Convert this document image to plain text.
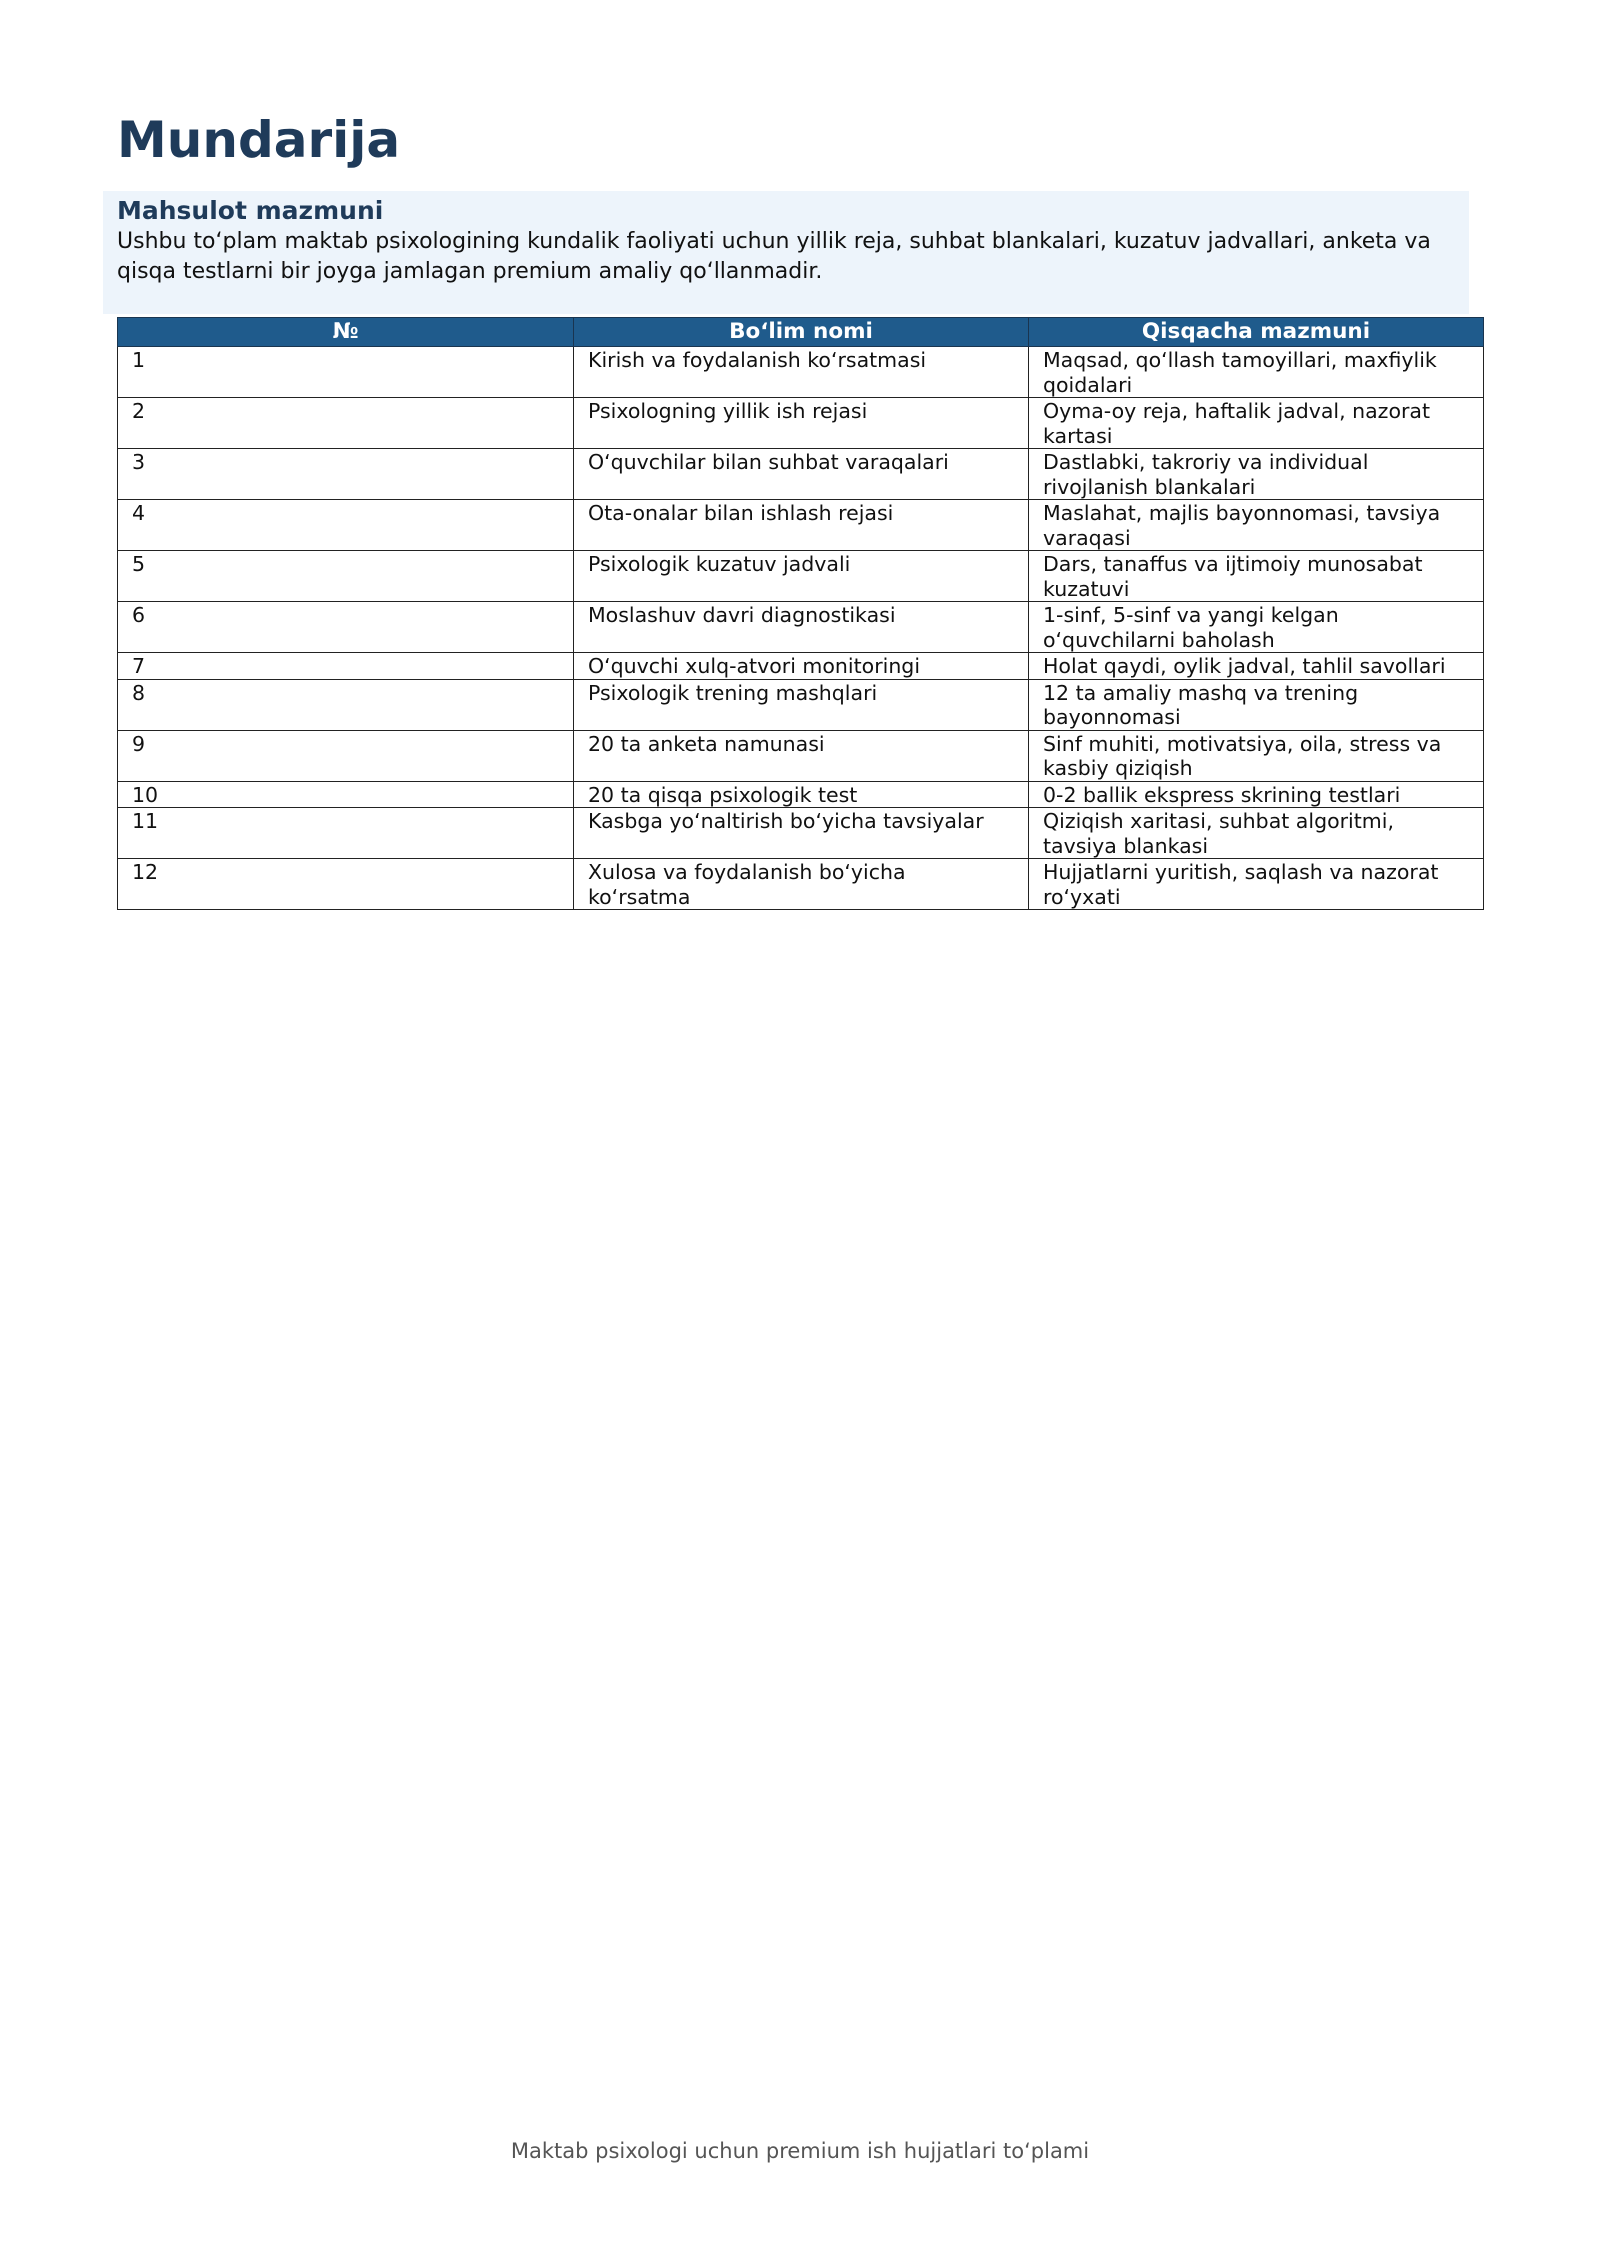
Mundarija
Mahsulot mazmuni

Ushbu to‘plam maktab psixologining kundalik faoliyati uchun yillik reja, suhbat blankalari, kuzatuv jadvallari, anketa va qisqa testlarni bir joyga jamlagan premium amaliy qo‘llanmadir.

№	Bo‘lim nomi	Qisqacha mazmuni
1	Kirish va foydalanish ko‘rsatmasi	Maqsad, qo‘llash tamoyillari, maxfiylik qoidalari
2	Psixologning yillik ish rejasi	Oyma-oy reja, haftalik jadval, nazorat kartasi
3	O‘quvchilar bilan suhbat varaqalari	Dastlabki, takroriy va individual rivojlanish blankalari
4	Ota-onalar bilan ishlash rejasi	Maslahat, majlis bayonnomasi, tavsiya varaqasi
5	Psixologik kuzatuv jadvali	Dars, tanaffus va ijtimoiy munosabat kuzatuvi
6	Moslashuv davri diagnostikasi	1-sinf, 5-sinf va yangi kelgan o‘quvchilarni baholash
7	O‘quvchi xulq-atvori monitoringi	Holat qaydi, oylik jadval, tahlil savollari
8	Psixologik trening mashqlari	12 ta amaliy mashq va trening bayonnomasi
9	20 ta anketa namunasi	Sinf muhiti, motivatsiya, oila, stress va kasbiy qiziqish
10	20 ta qisqa psixologik test	0-2 ballik ekspress skrining testlari
11	Kasbga yo‘naltirish bo‘yicha tavsiyalar	Qiziqish xaritasi, suhbat algoritmi, tavsiya blankasi
12	Xulosa va foydalanish bo‘yicha ko‘rsatma	Hujjatlarni yuritish, saqlash va nazorat ro‘yxati
Maktab psixologi uchun premium ish hujjatlari to‘plami
